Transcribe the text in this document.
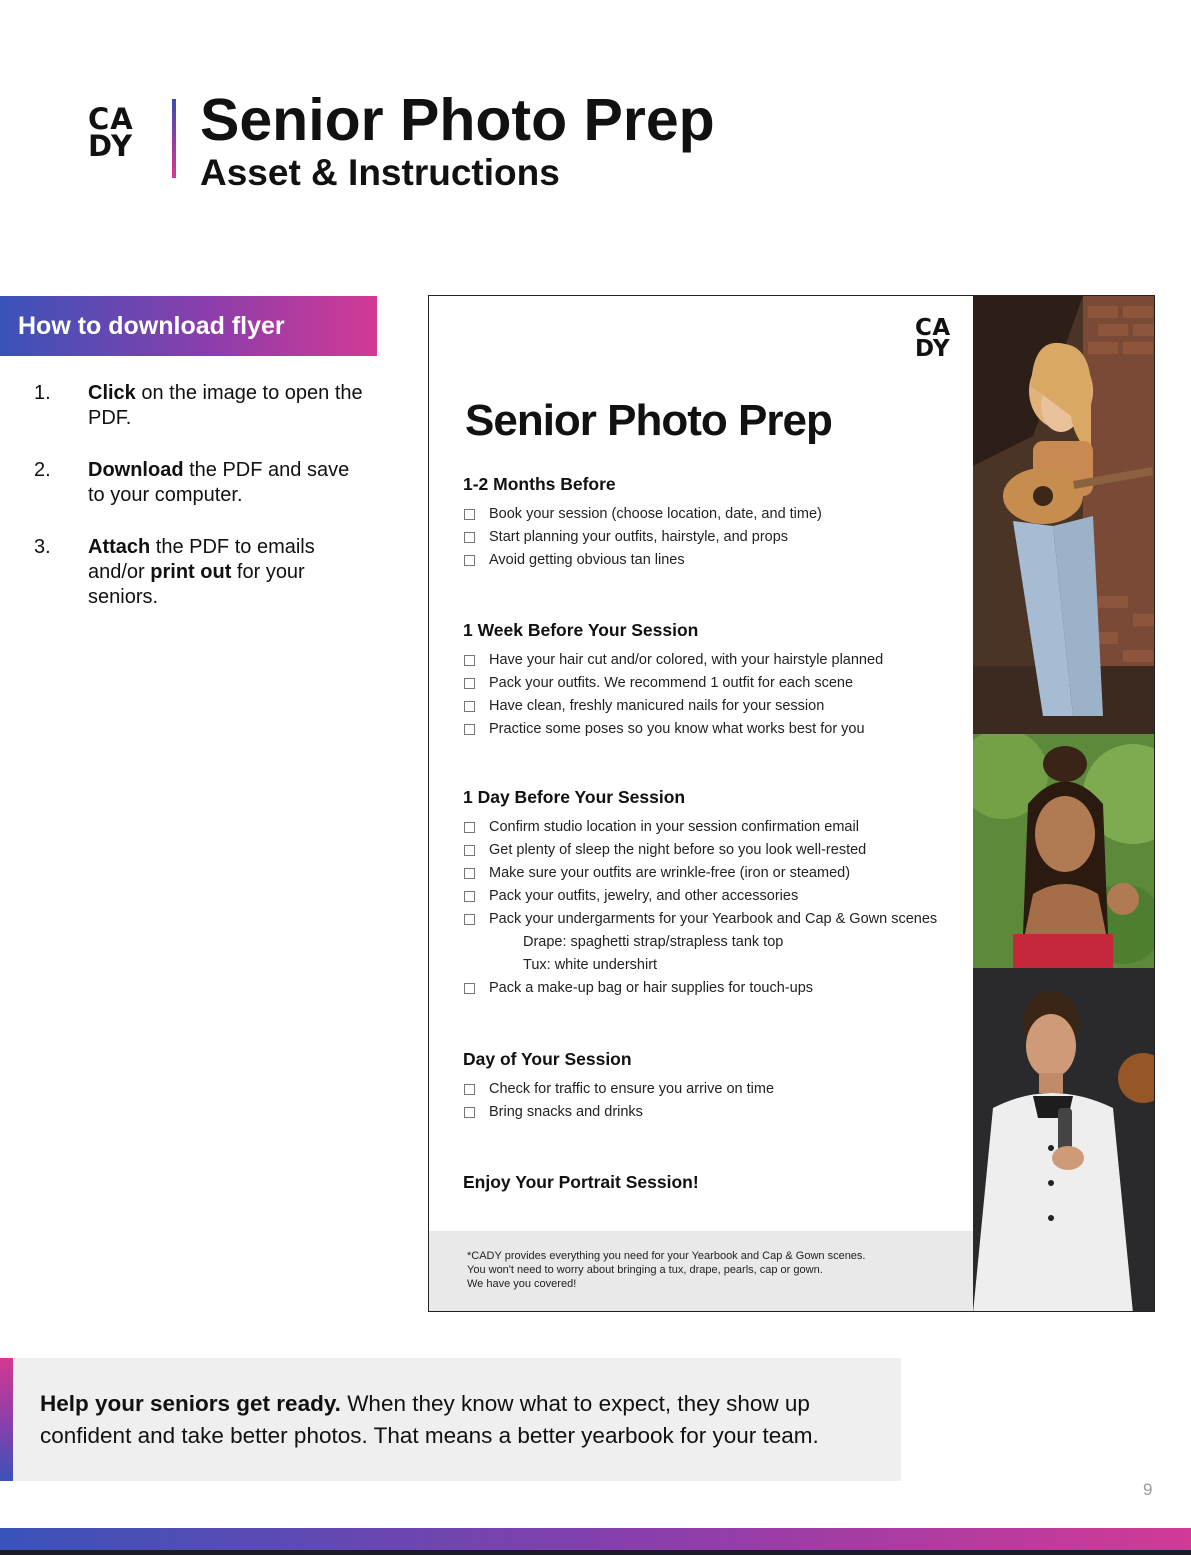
CA
DY Senior Photo Prep
Asset & Instructions
How to download flyer
1. Click on the image to open the PDF.
2. Download the PDF and save to your computer.
3. Attach the PDF to emails and/or print out for your seniors.
CA
DY
Senior Photo Prep
1-2 Months Before
Book your session (choose location, date, and time)
Start planning your outfits, hairstyle, and props
Avoid getting obvious tan lines
1 Week Before Your Session
Have your hair cut and/or colored, with your hairstyle planned
Pack your outfits. We recommend 1 outfit for each scene
Have clean, freshly manicured nails for your session
Practice some poses so you know what works best for you
1 Day Before Your Session
Confirm studio location in your session confirmation email
Get plenty of sleep the night before so you look well-rested
Make sure your outfits are wrinkle-free (iron or steamed)
Pack your outfits, jewelry, and other accessories
Pack your undergarments for your Yearbook and Cap & Gown scenes
Drape: spaghetti strap/strapless tank top
Tux: white undershirt
Pack a make-up bag or hair supplies for touch-ups
Day of Your Session
Check for traffic to ensure you arrive on time
Bring snacks and drinks
Enjoy Your Portrait Session!
*CADY provides everything you need for your Yearbook and Cap & Gown scenes.
You won't need to worry about bringing a tux, drape, pearls, cap or gown.
We have you covered!

Help your seniors get ready. When they know what to expect, they show up confident and take better photos. That means a better yearbook for your team.

9
